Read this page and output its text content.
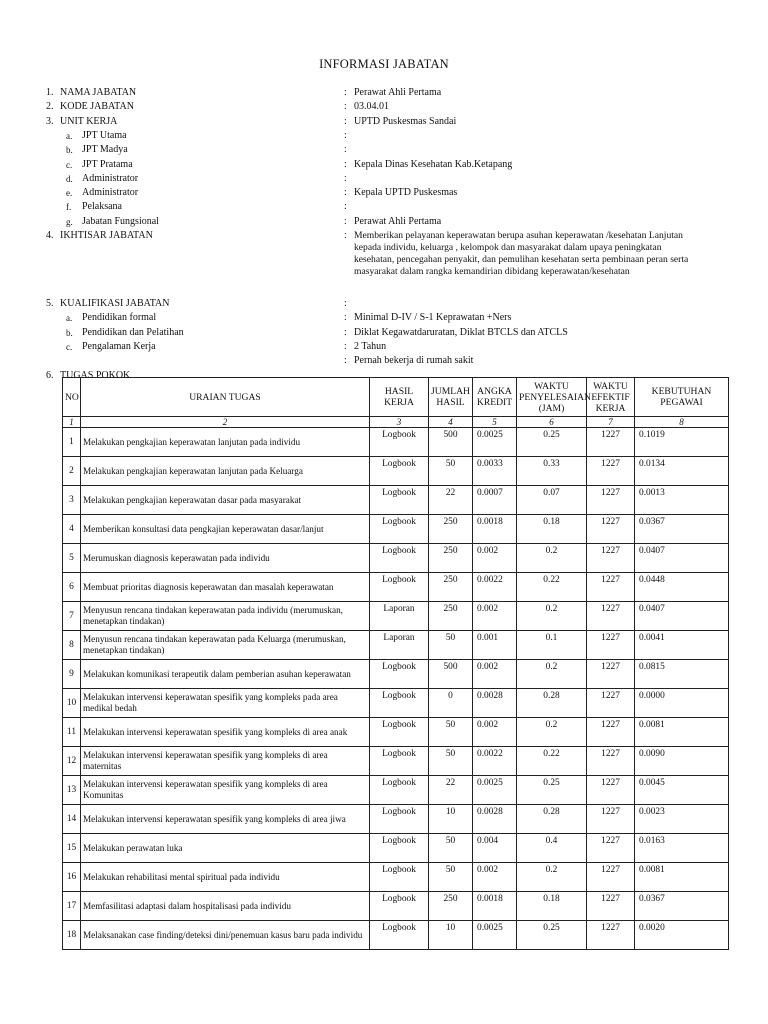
INFORMASI JABATAN
1. NAMA JABATAN	: Perawat Ahli Pertama
2. KODE JABATAN	: 03.04.01
3. UNIT KERJA	: UPTD Puskesmas Sandai
a. JPT Utama	:
b. JPT Madya	:
c. JPT Pratama	: Kepala Dinas Kesehatan Kab.Ketapang
d. Administrator	:
e. Administrator	: Kepala UPTD Puskesmas
f.	Pelaksana	:
g. Jabatan Fungsional	: Perawat Ahli Pertama
4. IKHTISAR JABATAN	: Memberikan pelayanan keperawatan berupa asuhan keperawatan /kesehatan Lanjutan
kepada individu, keluarga , kelompok dan masyarakat dalam upaya peningkatan
kesehatan, pencegahan penyakit, dan pemulihan kesehatan serta pembinaan peran serta
masyarakat dalam rangka kemandirian dibidang keperawatan/kesehatan
5. KUALIFIKASI JABATAN	:
a. Pendidikan formal	: Minimal D-IV / S-1 Keprawatan +Ners
b. Pendidikan dan Pelatihan	: Diklat Kegawatdaruratan, Diklat BTCLS dan ATCLS
c. Pengalaman Kerja	: 2 Tahun
: Pernah bekerja di rumah sakit
6. TUGAS POKOK
NO	URAIAN TUGAS	HASIL KERJA	JUMLAH HASIL	ANGKA KREDIT	WAKTU PENYELESAIAN (JAM)	WAKTU EFEKTIF KERJA	KEBUTUHAN PEGAWAI
1	2	3	4	5	6	7	8
1	Melakukan pengkajian keperawatan lanjutan pada individu	Logbook	500	0.0025	0.25	1227	0.1019
2	Melakukan pengkajian keperawatan lanjutan pada Keluarga	Logbook	50	0.0033	0.33	1227	0.0134
3	Melakukan pengkajian keperawatan dasar pada masyarakat	Logbook	22	0.0007	0.07	1227	0.0013
4	Memberikan konsultasi data pengkajian keperawatan dasar/lanjut	Logbook	250	0.0018	0.18	1227	0.0367
5	Merumuskan diagnosis keperawatan pada individu	Logbook	250	0.002	0.2	1227	0.0407
6	Membuat prioritas diagnosis keperawatan dan masalah keperawatan	Logbook	250	0.0022	0.22	1227	0.0448
7	Menyusun rencana tindakan keperawatan pada individu (merumuskan, menetapkan tindakan)	Laporan	250	0.002	0.2	1227	0.0407
8	Menyusun rencana tindakan keperawatan pada Keluarga (merumuskan, menetapkan tindakan)	Laporan	50	0.001	0.1	1227	0.0041
9	Melakukan komunikasi terapeutik dalam pemberian asuhan keperawatan	Logbook	500	0.002	0.2	1227	0.0815
10	Melakukan intervensi keperawatan spesifik yang kompleks pada area medikal bedah	Logbook	0	0.0028	0.28	1227	0.0000
11	Melakukan intervensi keperawatan spesifik yang kompleks di area anak	Logbook	50	0.002	0.2	1227	0.0081
12	Melakukan intervensi keperawatan spesifik yang kompleks di area maternitas	Logbook	50	0.0022	0.22	1227	0.0090
13	Melakukan intervensi keperawatan spesifik yang kompleks di area Komunitas	Logbook	22	0.0025	0.25	1227	0.0045
14	Melakukan intervensi keperawatan spesifik yang kompleks di area jiwa	Logbook	10	0.0028	0.28	1227	0.0023
15	Melakukan perawatan luka	Logbook	50	0.004	0.4	1227	0.0163
16	Melakukan rehabilitasi mental spiritual pada individu	Logbook	50	0.002	0.2	1227	0.0081
17	Memfasilitasi adaptasi dalam hospitalisasi pada individu	Logbook	250	0.0018	0.18	1227	0.0367
18	Melaksanakan case finding/deteksi dini/penemuan kasus baru pada individu	Logbook	10	0.0025	0.25	1227	0.0020
